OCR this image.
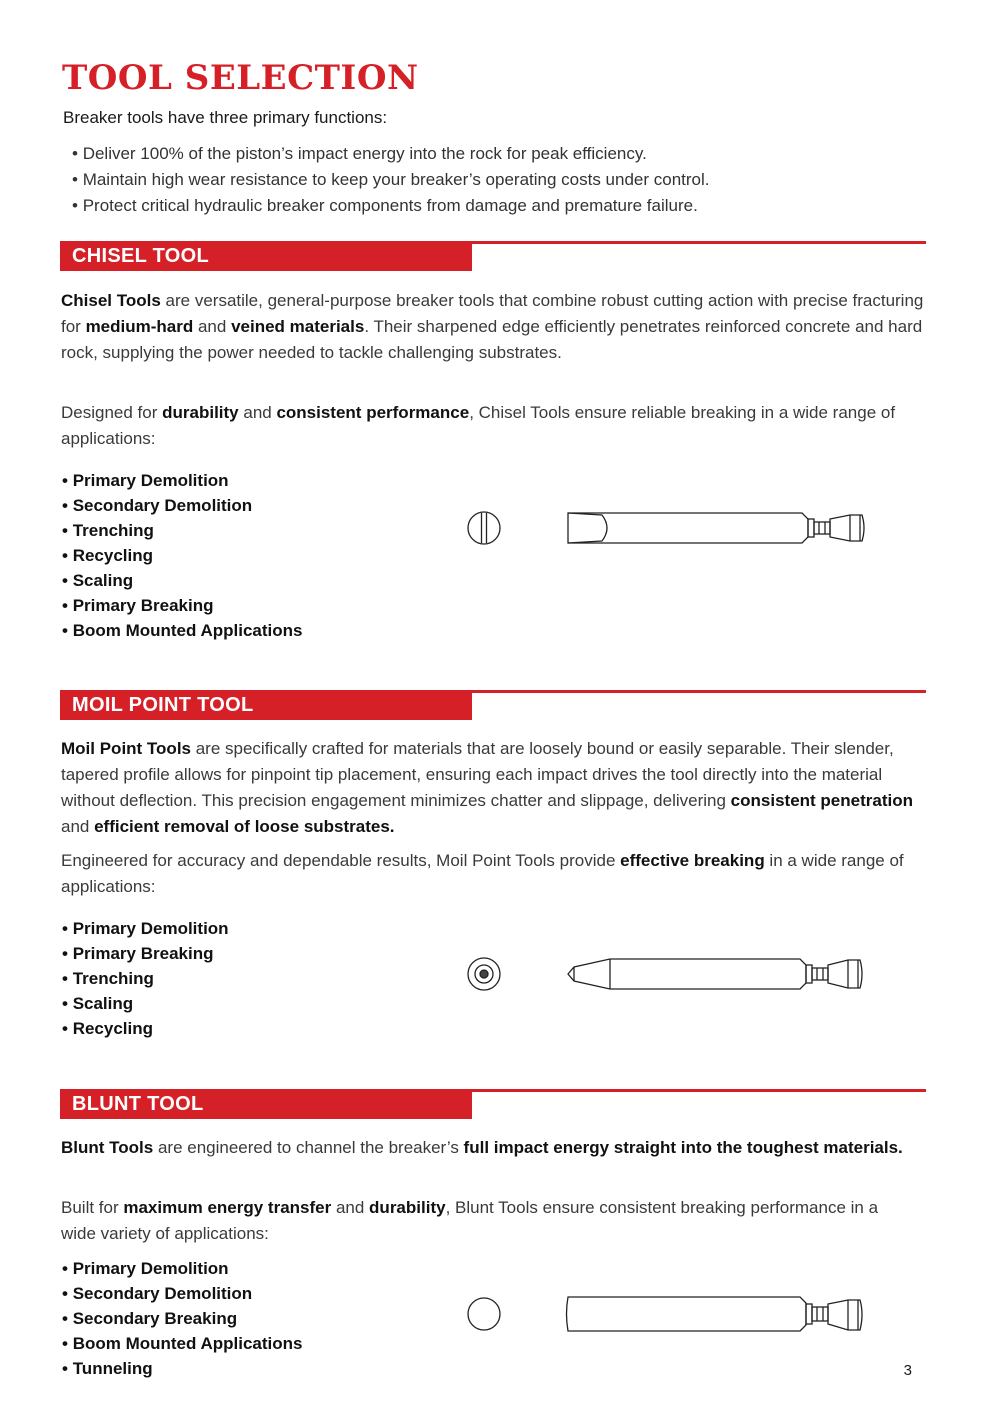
TOOL SELECTION
Breaker tools have three primary functions:
• Deliver 100% of the piston’s impact energy into the rock for peak efficiency.
• Maintain high wear resistance to keep your breaker’s operating costs under control.
• Protect critical hydraulic breaker components from damage and premature failure.
CHISEL TOOL

Chisel Tools are versatile, general-purpose breaker tools that combine robust cutting action with precise fracturing for medium-hard and veined materials. Their sharpened edge efficiently penetrates reinforced concrete and hard rock, supplying the power needed to tackle challenging substrates.

Designed for durability and consistent performance, Chisel Tools ensure reliable breaking in a wide range of applications:

• Primary Demolition
• Secondary Demolition
• Trenching
• Recycling
• Scaling
• Primary Breaking
• Boom Mounted Applications
MOIL POINT TOOL

Moil Point Tools are specifically crafted for materials that are loosely bound or easily separable. Their slender, tapered profile allows for pinpoint tip placement, ensuring each impact drives the tool directly into the material without deflection. This precision engagement minimizes chatter and slippage, delivering consistent penetration and efficient removal of loose substrates.

Engineered for accuracy and dependable results, Moil Point Tools provide effective breaking in a wide range of applications:

• Primary Demolition
• Primary Breaking
• Trenching
• Scaling
• Recycling
BLUNT TOOL

Blunt Tools are engineered to channel the breaker’s full impact energy straight into the toughest materials.

Built for maximum energy transfer and durability, Blunt Tools ensure consistent breaking performance in a wide variety of applications:

• Primary Demolition
• Secondary Demolition
• Secondary Breaking
• Boom Mounted Applications
• Tunneling	3
